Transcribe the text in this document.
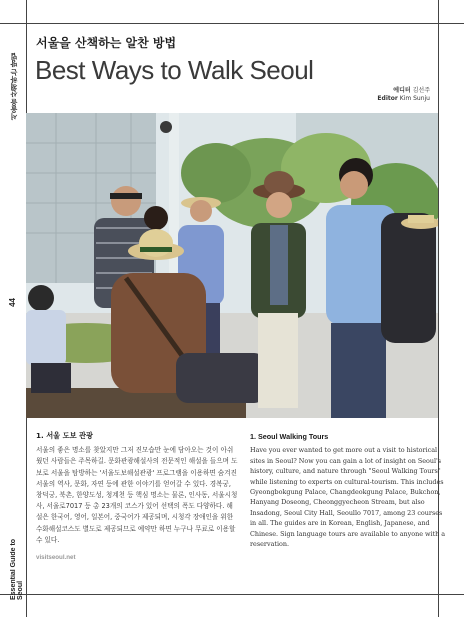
서울을 산책하는 방법
44
Essential Guide to Seoul
서울을 산책하는 알찬 방법
Best Ways to Walk Seoul
에디터 김선주
Editor Kim Sunju
1. 서울 도보 관광
서울의 좋은 명소를 찾았지만 그저 진모습만 눈에 담아오는 것이 아쉬웠던 사람들은 주목하길. 문화관광해설사의 전문적인 해설을 들으며 도보로 서울을 탐방하는 '서울도보해설관광' 프로그램을 이용하면 숨겨진 서울의 역사, 문화, 자연 등에 관한 이야기를 얻어갈 수 있다. 경복궁, 창덕궁, 북촌, 한양도성, 청계천 등 핵심 명소는 물론, 인사동, 서울시청사, 서울로7017 등 총 23개의 코스가 있어 선택의 폭도 다양하다. 해설은 한국어, 영어, 일본어, 중국어가 제공되며, 시청각 장애인을 위한 수화해설코스도 별도로 제공되므로 예약만 하면 누구나 무료로 이용할 수 있다.
visitseoul.net
1. Seoul Walking Tours
Have you ever wanted to get more out a visit to historical sites in Seoul? Now you can gain a lot of insight on Seoul's history, culture, and nature through "Seoul Walking Tours" while listening to experts on cultural-tourism. This includes Gyeongbokgung Palace, Changdeokgung Palace, Bukchon, Hanyang Doseong, Cheonggyecheon Stream, but also Insadong, Seoul City Hall, Seoullo 7017, among 23 courses in all. The guides are in Korean, English, Japanese, and Chinese. Sign language tours are available to anyone with a reservation.
